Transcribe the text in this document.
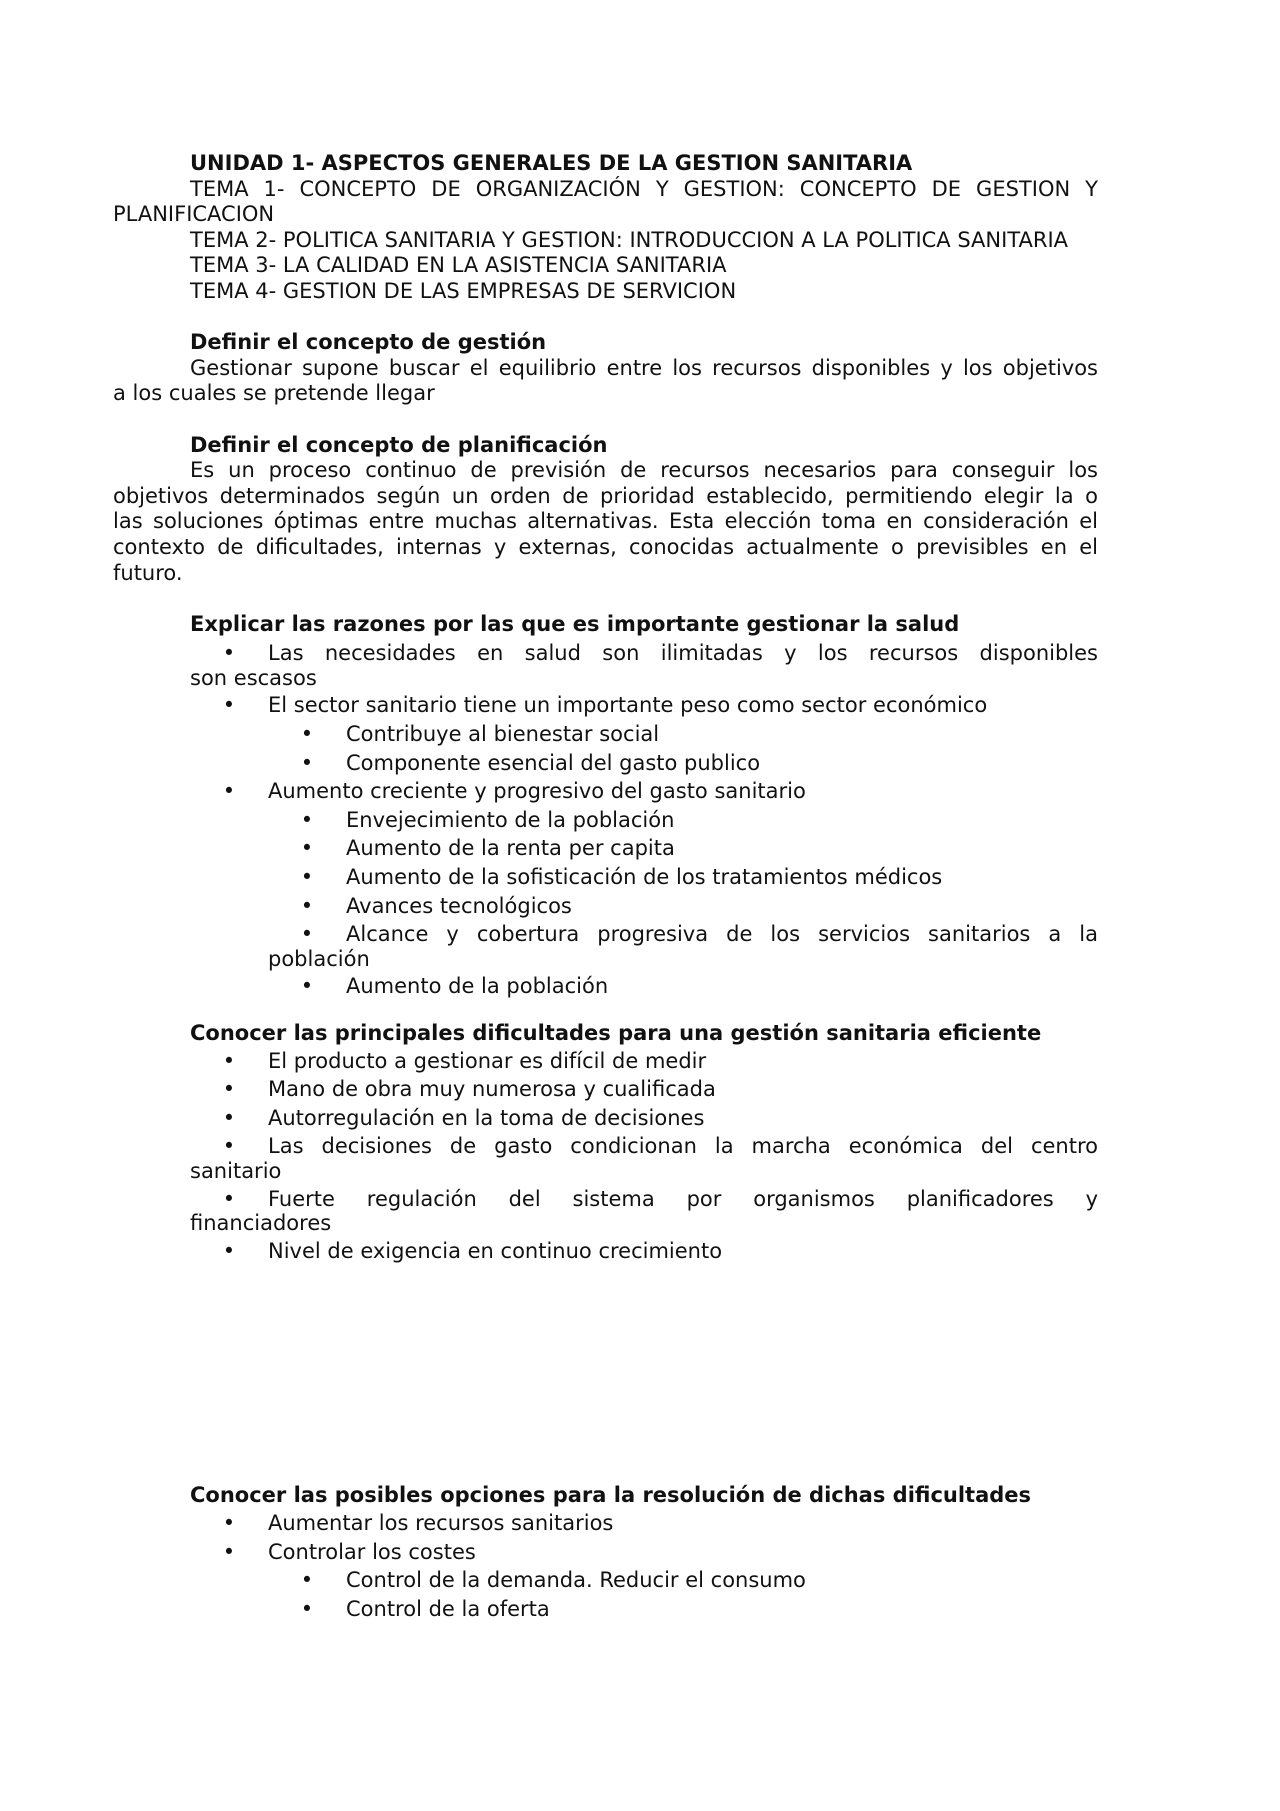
UNIDAD 1- ASPECTOS GENERALES DE LA GESTION SANITARIA
TEMA 1- CONCEPTO DE ORGANIZACIÓN Y GESTION: CONCEPTO DE GESTION Y
PLANIFICACION
TEMA 2- POLITICA SANITARIA Y GESTION: INTRODUCCION A LA POLITICA SANITARIA
TEMA 3- LA CALIDAD EN LA ASISTENCIA SANITARIA
TEMA 4- GESTION DE LAS EMPRESAS DE SERVICION
Definir el concepto de gestión
Gestionar supone buscar el equilibrio entre los recursos disponibles y los objetivos
a los cuales se pretende llegar
Definir el concepto de planificación
Es un proceso continuo de previsión de recursos necesarios para conseguir los
objetivos determinados según un orden de prioridad establecido, permitiendo elegir la o
las soluciones óptimas entre muchas alternativas. Esta elección toma en consideración el
contexto de dificultades, internas y externas, conocidas actualmente o previsibles en el
futuro.
Explicar las razones por las que es importante gestionar la salud
•	Las necesidades en salud son ilimitadas y los recursos disponibles
son escasos
•	El sector sanitario tiene un importante peso como sector económico
•	Contribuye al bienestar social
•	Componente esencial del gasto publico
•	Aumento creciente y progresivo del gasto sanitario
•	Envejecimiento de la población
•	Aumento de la renta per capita
•	Aumento de la sofisticación de los tratamientos médicos
•	Avances tecnológicos
•	Alcance y cobertura progresiva de los servicios sanitarios a la
población
•	Aumento de la población
Conocer las principales dificultades para una gestión sanitaria eficiente
•	El producto a gestionar es difícil de medir
•	Mano de obra muy numerosa y cualificada
•	Autorregulación en la toma de decisiones
•	Las decisiones de gasto condicionan la marcha económica del centro
sanitario
•	Fuerte regulación del sistema por organismos planificadores y
financiadores
•	Nivel de exigencia en continuo crecimiento
Conocer las posibles opciones para la resolución de dichas dificultades
•	Aumentar los recursos sanitarios
•	Controlar los costes
•	Control de la demanda. Reducir el consumo
•	Control de la oferta
